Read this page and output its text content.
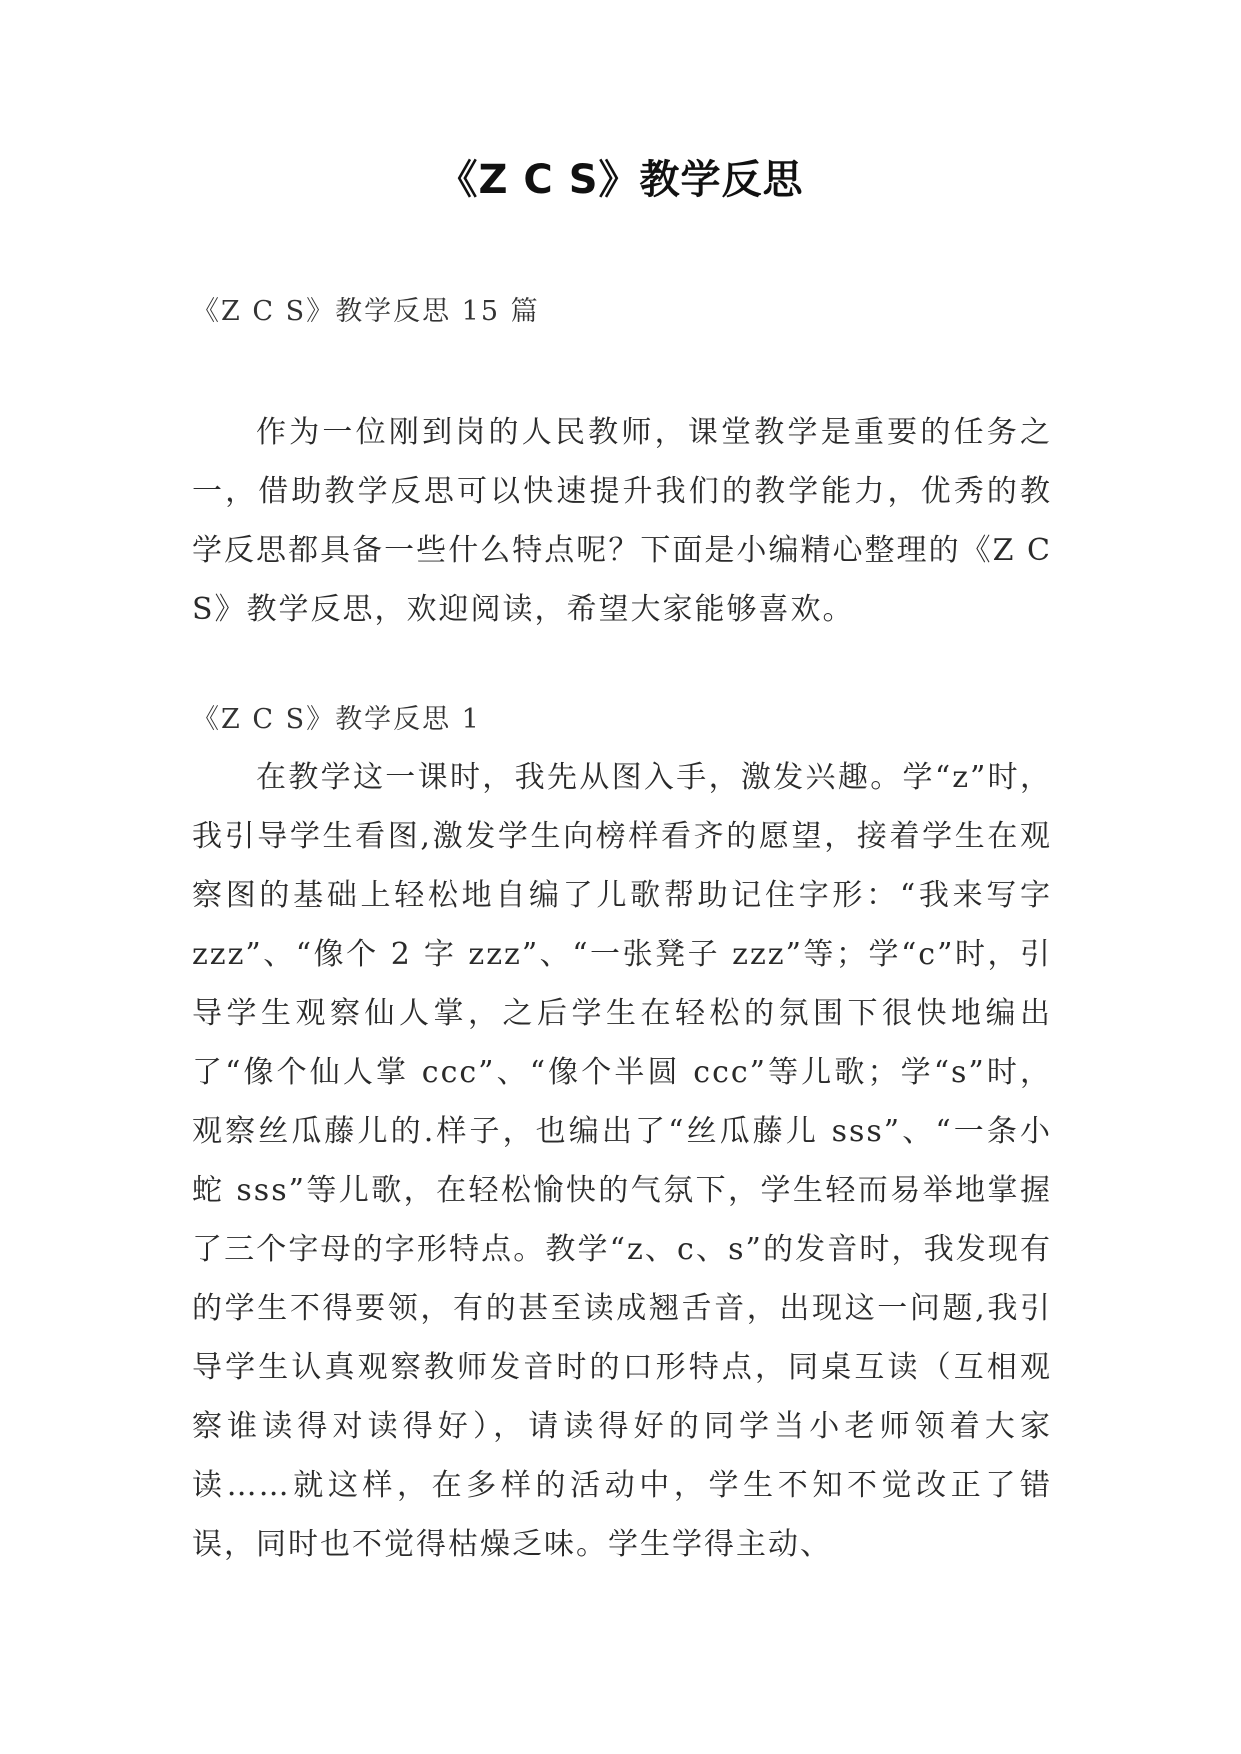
《Z C S》教学反思
《Z C S》教学反思 15 篇

作为一位刚到岗的人民教师，课堂教学是重要的任务之一，借助教学反思可以快速提升我们的教学能力，优秀的教学反思都具备一些什么特点呢？下面是小编精心整理的《Z C S》教学反思，欢迎阅读，希望大家能够喜欢。

《Z C S》教学反思 1

在教学这一课时，我先从图入手，激发兴趣。学“z”时，我引导学生看图,激发学生向榜样看齐的愿望，接着学生在观察图的基础上轻松地自编了儿歌帮助记住字形：“我来写字 zzz”、“像个 2 字 zzz”、“一张凳子 zzz”等；学“c”时，引导学生观察仙人掌，之后学生在轻松的氛围下很快地编出了“像个仙人掌 ccc”、“像个半圆 ccc”等儿歌；学“s”时，观察丝瓜藤儿的.样子，也编出了“丝瓜藤儿 sss”、“一条小蛇 sss”等儿歌，在轻松愉快的气氛下，学生轻而易举地掌握了三个字母的字形特点。教学“z、c、s”的发音时，我发现有的学生不得要领，有的甚至读成翘舌音，出现这一问题,我引导学生认真观察教师发音时的口形特点，同桌互读（互相观察谁读得对读得好），请读得好的同学当小老师领着大家读……就这样，在多样的活动中，学生不知不觉改正了错误，同时也不觉得枯燥乏味。学生学得主动、
